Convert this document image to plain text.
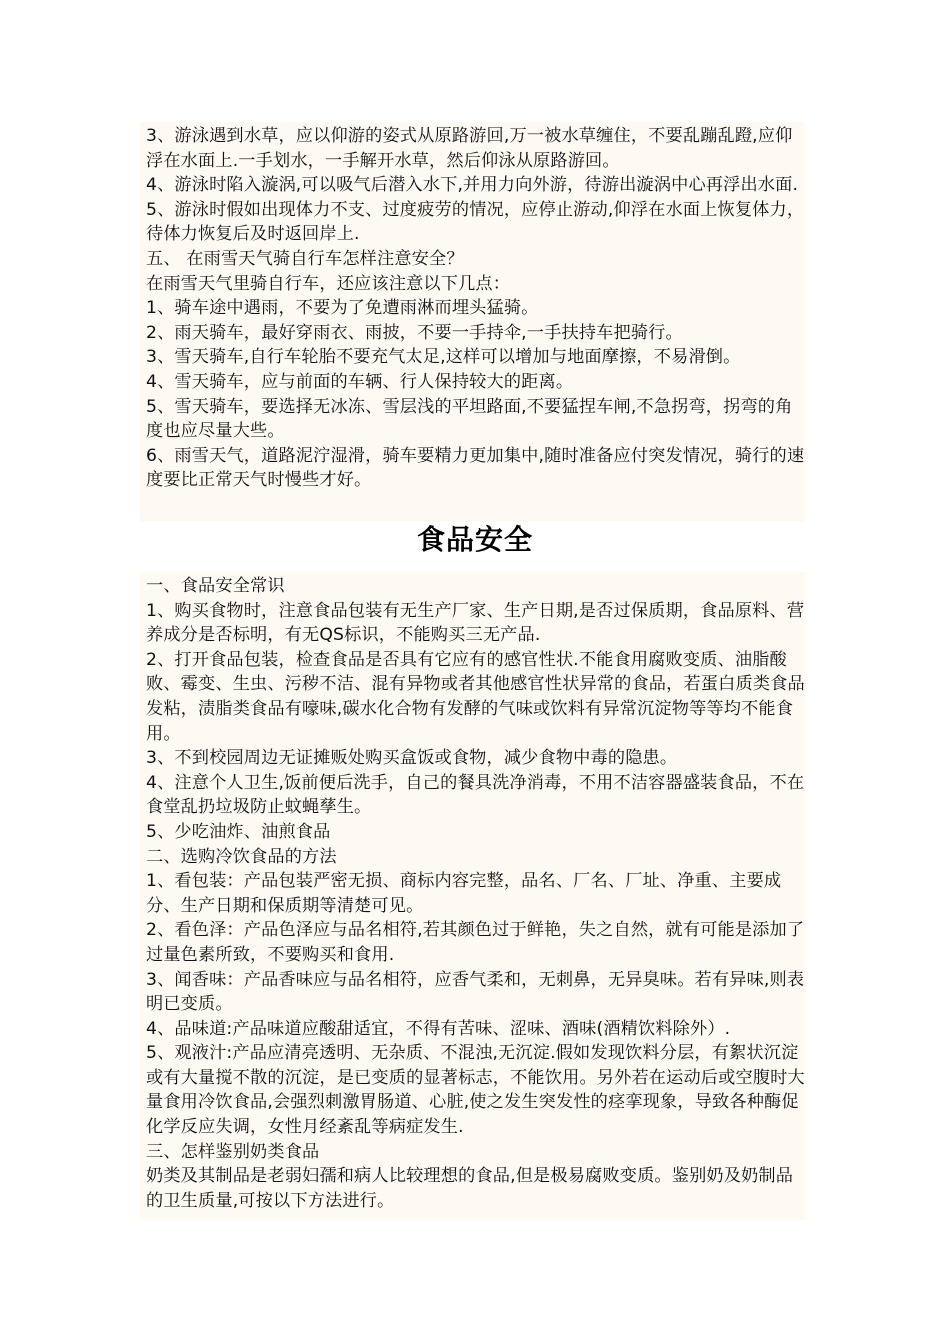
3、游泳遇到水草，应以仰游的姿式从原路游回,万一被水草缠住，不要乱蹦乱蹬,应仰浮在水面上.一手划水，一手解开水草，然后仰泳从原路游回。

4、游泳时陷入漩涡,可以吸气后潜入水下,并用力向外游，待游出漩涡中心再浮出水面.

5、游泳时假如出现体力不支、过度疲劳的情况，应停止游动,仰浮在水面上恢复体力，待体力恢复后及时返回岸上.

五、 在雨雪天气骑自行车怎样注意安全？

在雨雪天气里骑自行车，还应该注意以下几点：

1、骑车途中遇雨，不要为了免遭雨淋而埋头猛骑。

2、雨天骑车，最好穿雨衣、雨披，不要一手持伞,一手扶持车把骑行。

3、雪天骑车,自行车轮胎不要充气太足,这样可以增加与地面摩擦，不易滑倒。

4、雪天骑车，应与前面的车辆、行人保持较大的距离。

5、雪天骑车，要选择无冰冻、雪层浅的平坦路面,不要猛捏车闸,不急拐弯，拐弯的角度也应尽量大些。

6、雨雪天气，道路泥泞湿滑，骑车要精力更加集中,随时准备应付突发情况，骑行的速度要比正常天气时慢些才好。

食品安全

一、食品安全常识

1、购买食物时，注意食品包装有无生产厂家、生产日期,是否过保质期，食品原料、营养成分是否标明，有无QS标识，不能购买三无产品.

2、打开食品包装，检查食品是否具有它应有的感官性状.不能食用腐败变质、油脂酸败、霉变、生虫、污秽不洁、混有异物或者其他感官性状异常的食品，若蛋白质类食品发粘，渍脂类食品有嚎味,碳水化合物有发酵的气味或饮料有异常沉淀物等等均不能食用。

3、不到校园周边无证摊贩处购买盒饭或食物，减少食物中毒的隐患。

4、注意个人卫生,饭前便后洗手，自己的餐具洗净消毒，不用不洁容器盛装食品，不在食堂乱扔垃圾防止蚊蝇孳生。

5、少吃油炸、油煎食品

二、选购冷饮食品的方法

1、看包装：产品包装严密无损、商标内容完整，品名、厂名、厂址、净重、主要成分、生产日期和保质期等清楚可见。

2、看色泽：产品色泽应与品名相符,若其颜色过于鲜艳，失之自然，就有可能是添加了过量色素所致，不要购买和食用.

3、闻香味：产品香味应与品名相符，应香气柔和，无刺鼻，无异臭味。若有异味,则表明已变质。

4、品味道:产品味道应酸甜适宜，不得有苦味、涩味、酒味(酒精饮料除外）.

5、观液汁:产品应清亮透明、无杂质、不混浊,无沉淀.假如发现饮料分层，有絮状沉淀或有大量搅不散的沉淀，是已变质的显著标志，不能饮用。另外若在运动后或空腹时大量食用冷饮食品,会强烈刺激胃肠道、心脏,使之发生突发性的痉挛现象，导致各种酶促化学反应失调，女性月经紊乱等病症发生.

三、怎样鉴别奶类食品

奶类及其制品是老弱妇孺和病人比较理想的食品,但是极易腐败变质。鉴别奶及奶制品的卫生质量,可按以下方法进行。
